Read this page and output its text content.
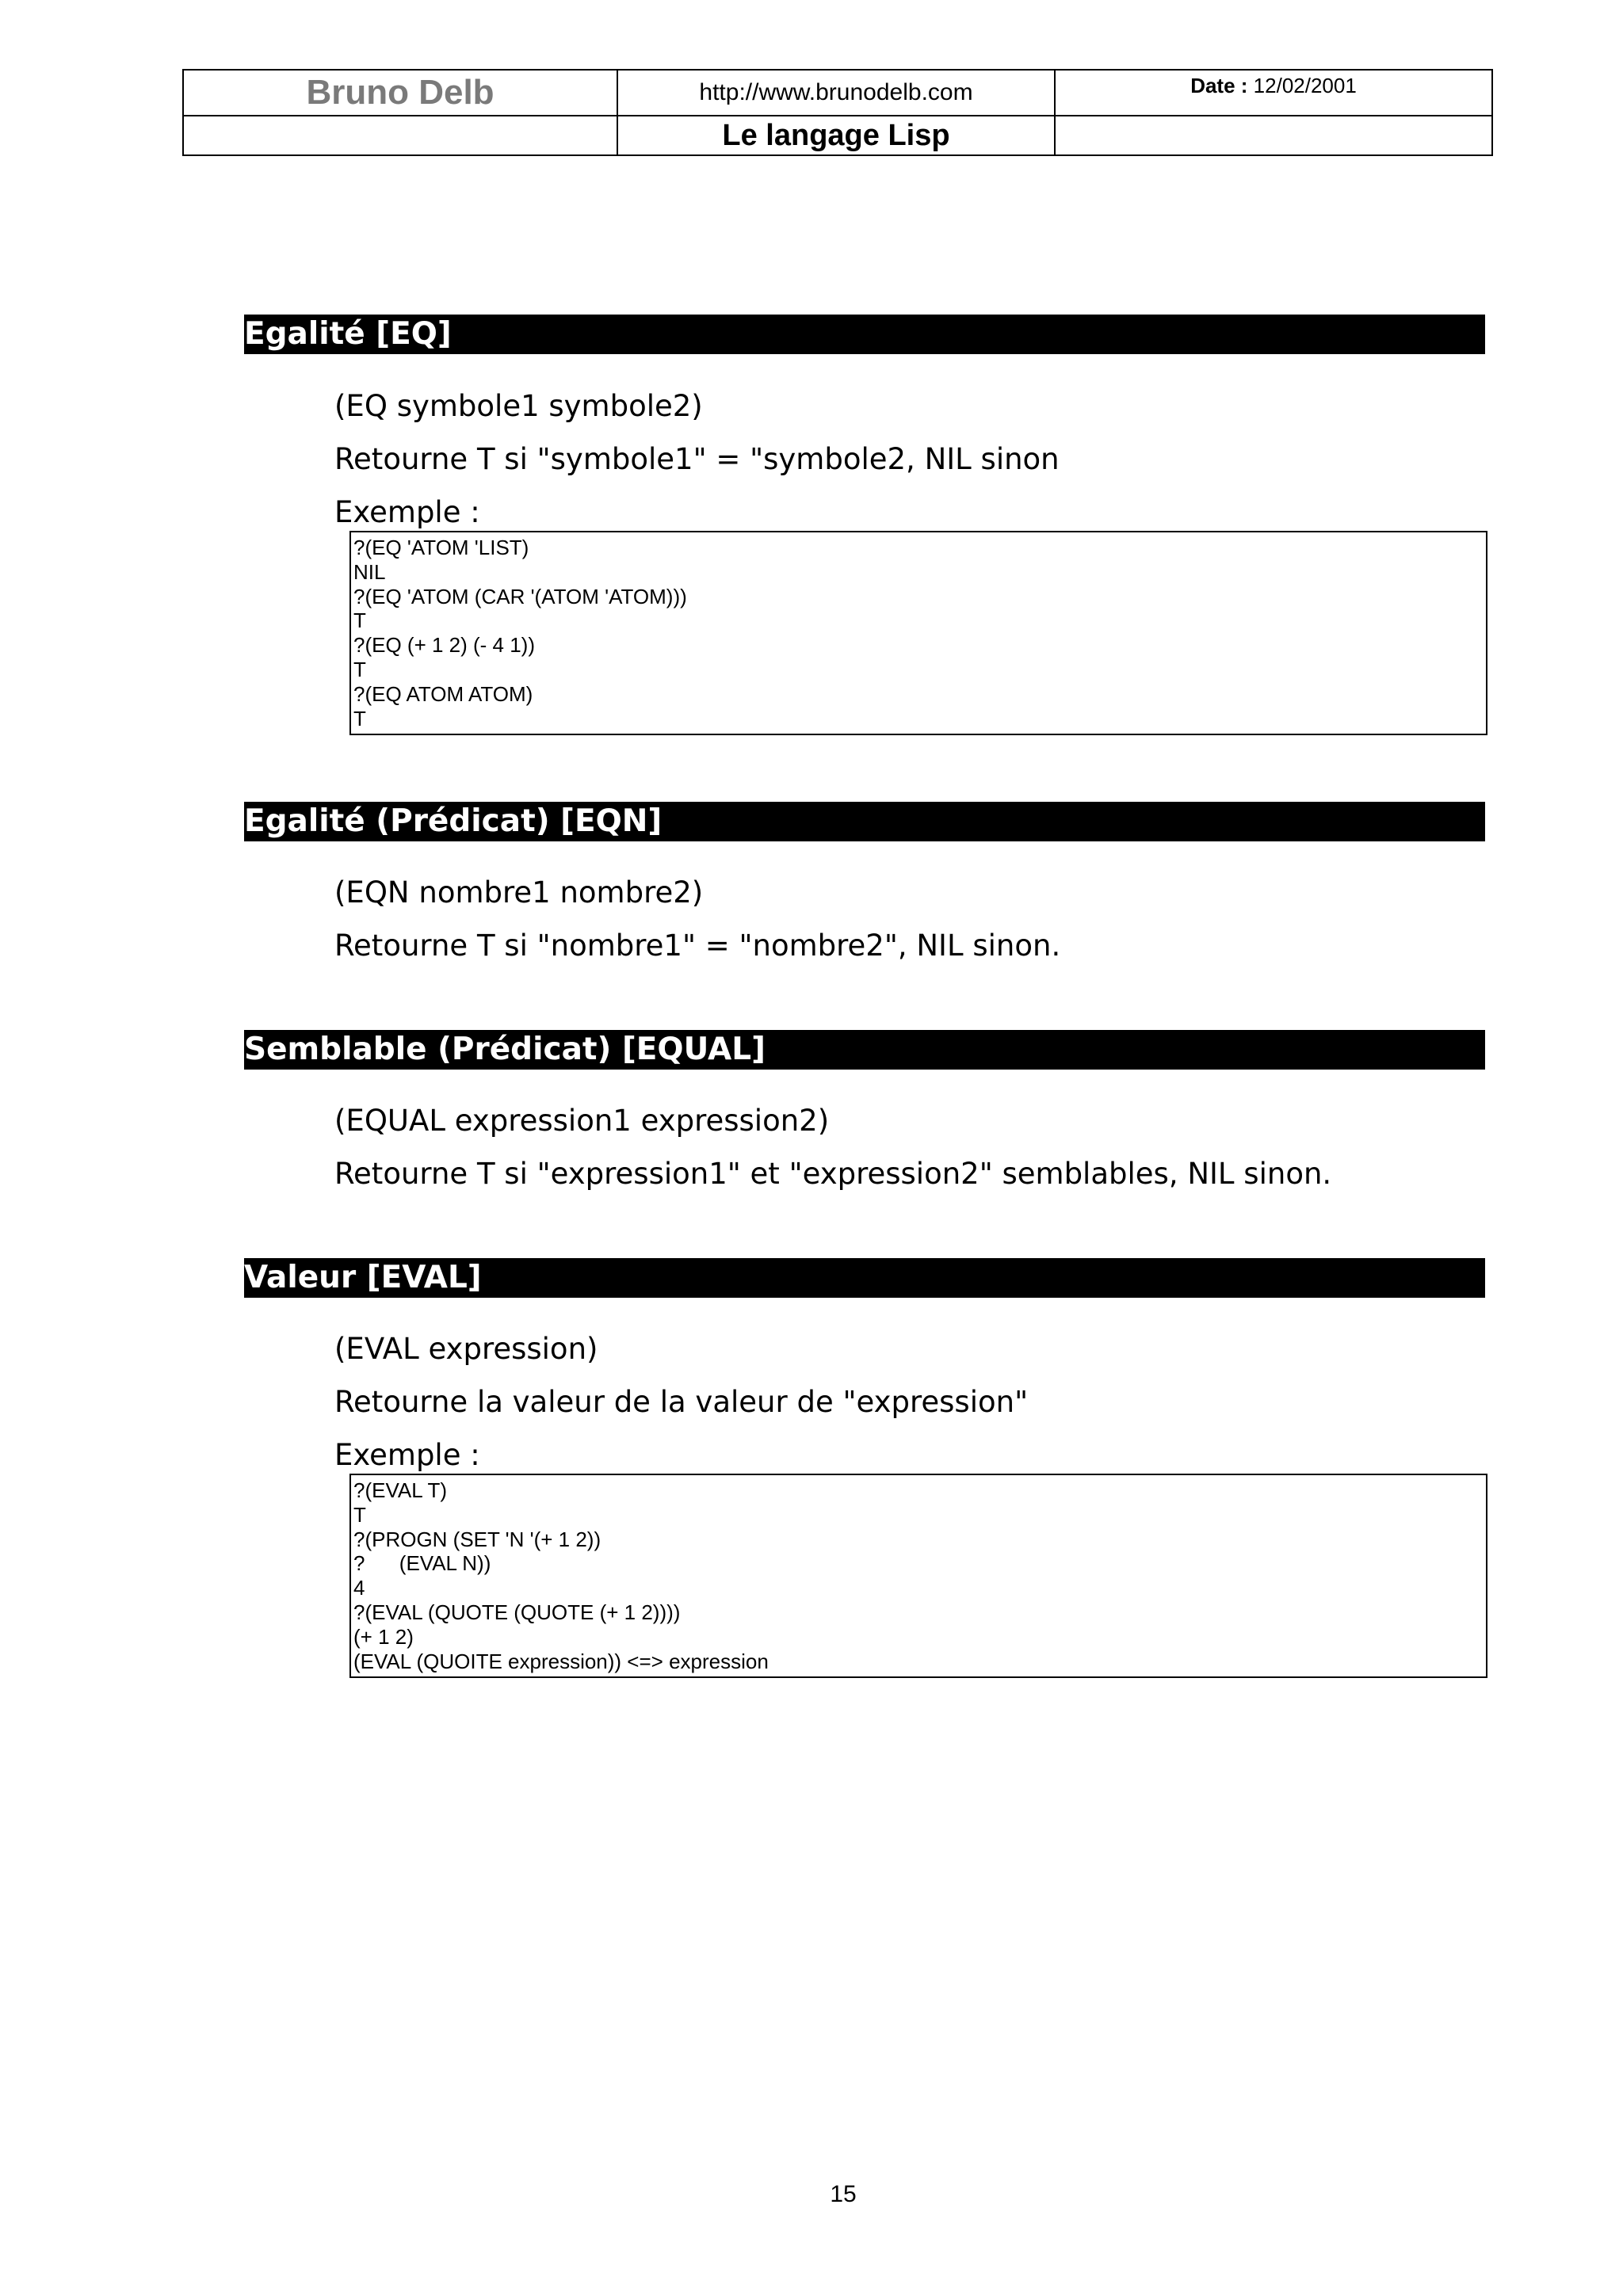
Bruno Delb	http://www.brunodelb.com	Date : 12/02/2001
	Le langage Lisp	
Egalité [EQ]
(EQ symbole1 symbole2)
Retourne T si "symbole1" = "symbole2, NIL sinon
Exemple :
?(EQ 'ATOM 'LIST)
NIL
?(EQ 'ATOM (CAR '(ATOM 'ATOM)))
T
?(EQ (+ 1 2) (- 4 1))
T
?(EQ ATOM ATOM)
T
Egalité (Prédicat) [EQN]
(EQN nombre1 nombre2)
Retourne T si "nombre1" = "nombre2", NIL sinon.
Semblable (Prédicat) [EQUAL]
(EQUAL expression1 expression2)
Retourne T si "expression1" et "expression2" semblables, NIL sinon.
Valeur [EVAL]
(EVAL expression)
Retourne la valeur de la valeur de "expression"
Exemple :
?(EVAL T)
T
?(PROGN (SET 'N '(+ 1 2))
?      (EVAL N))
4
?(EVAL (QUOTE (QUOTE (+ 1 2))))
(+ 1 2)
(EVAL (QUOITE expression)) <=> expression
15
